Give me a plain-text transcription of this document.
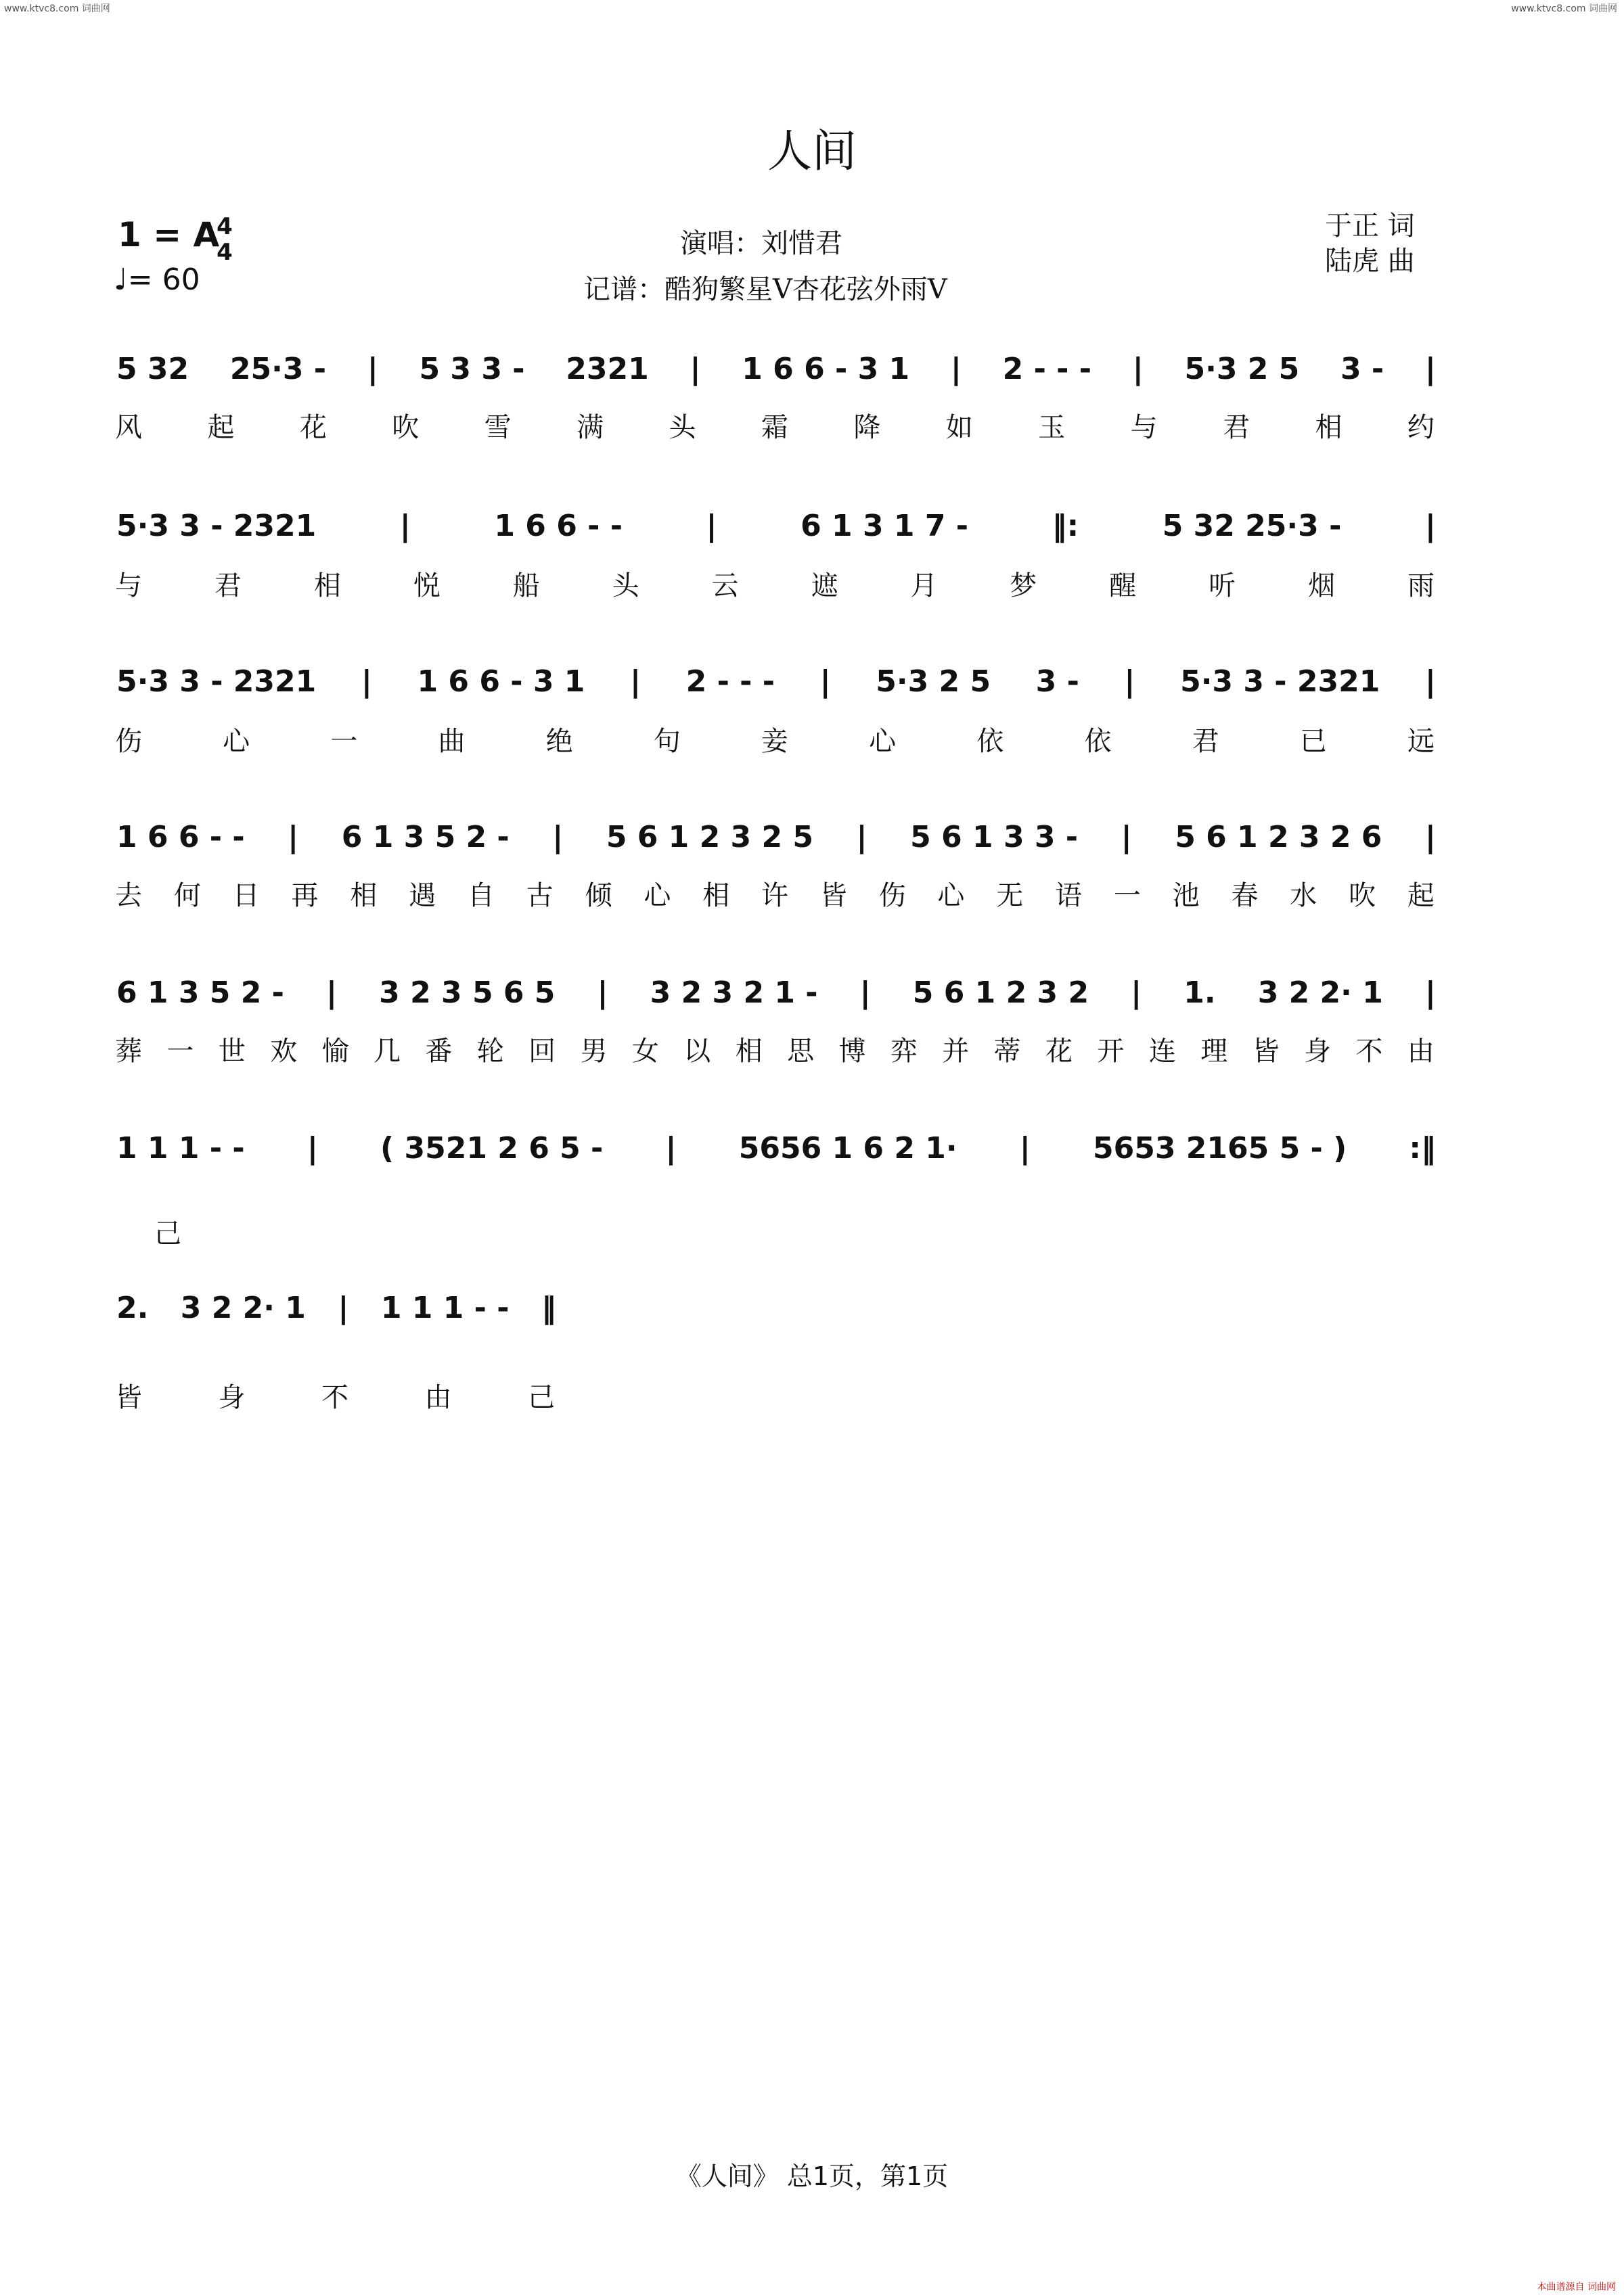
www.ktvc8.com 词曲网	www.ktvc8.com 词曲网
人间
1 = A
4
4
♩= 60
演唱：刘惜君
记谱：酷狗繁星V杏花弦外雨V
于正 词
陆虎 曲
5 32 25·3 - | 5 3 3 - 2321 | 1 6 6 - 3 1 | 2 - - - | 5·3 2 5 3 - |
风 起 花 吹 雪 满 头 霜 降 如 玉 与 君 相 约
5·3 3 - 2321	|	1 6 6 - -	|	6 1 3 1 7 -	‖:	5 32 25·3 -	|
与	君	相	悦	船	头	云	遮	月	梦	醒	听	烟	雨
5·3 3 - 2321 | 1 6 6 - 3 1 | 2 - - - | 5·3 2 5 3 - | 5·3 3 - 2321 |
伤	心	一	曲	绝	句	妾	心	依	依	君	已	远
1 6 6 - - | 6 1 3 5 2 - | 5 6 1 2 3 2 5 | 5 6 1 3 3 - | 5 6 1 2 3 2 6 |
去 何 日 再 相 遇 自 古 倾 心 相 许 皆 伤 心 无 语 一 池 春 水 吹 起
6 1 3 5 2 - | 3 2 3 5 6 5 | 3 2 3 2 1 - | 5 6 1 2 3 2 | 1. 3 2 2· 1 |
葬 一 世 欢 愉 几 番 轮 回 男 女 以 相 思 博 弈 并 蒂 花 开 连 理 皆 身 不 由
1 1 1 - - | ( 3521 2 6 5 - | 5656 1 6 2 1· | 5653 2165 5 - ) :‖
己
2. 3 2 2· 1 | 1 1 1 - - ‖
皆	身	不	由	己
《人间》 总1页，第1页
本曲谱源自 词曲网
